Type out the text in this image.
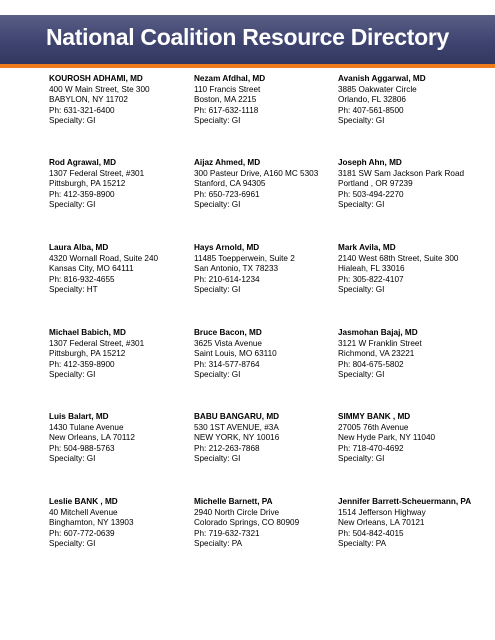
National Coalition Resource Directory
KOUROSH ADHAMI, MD
400 W Main Street, Ste 300
BABYLON, NY 11702
Ph: 631-321-6400
Specialty: GI
Nezam Afdhal, MD
110 Francis Street
Boston, MA 2215
Ph: 617-632-1118
Specialty: GI
Avanish Aggarwal, MD
3885 Oakwater Circle
Orlando, FL 32806
Ph: 407-561-8500
Specialty: GI
Rod Agrawal, MD
1307 Federal Street, #301
Pittsburgh, PA 15212
Ph: 412-359-8900
Specialty: GI
Aijaz Ahmed, MD
300 Pasteur Drive, A160 MC 5303
Stanford, CA 94305
Ph: 650-723-6961
Specialty: GI
Joseph Ahn, MD
3181 SW Sam Jackson Park Road
Portland , OR 97239
Ph: 503-494-2270
Specialty: GI
Laura Alba, MD
4320 Wornall Road, Suite 240
Kansas City, MO 64111
Ph: 816-932-4655
Specialty: HT
Hays Arnold, MD
11485 Toepperwein, Suite 2
San Antonio, TX 78233
Ph: 210-614-1234
Specialty: GI
Mark Avila, MD
2140 West 68th Street, Suite 300
Hialeah, FL 33016
Ph: 305-822-4107
Specialty: GI
Michael Babich, MD
1307 Federal Street, #301
Pittsburgh, PA 15212
Ph: 412-359-8900
Specialty: GI
Bruce Bacon, MD
3625 Vista Avenue
Saint Louis, MO 63110
Ph: 314-577-8764
Specialty: GI
Jasmohan Bajaj, MD
3121 W Franklin Street
Richmond, VA 23221
Ph: 804-675-5802
Specialty: GI
Luis Balart, MD
1430 Tulane Avenue
New Orleans, LA 70112
Ph: 504-988-5763
Specialty: GI
BABU BANGARU, MD
530 1ST AVENUE, #3A
NEW YORK, NY 10016
Ph: 212-263-7868
Specialty: GI
SIMMY BANK , MD
27005 76th Avenue
New Hyde Park, NY 11040
Ph: 718-470-4692
Specialty: GI
Leslie BANK , MD
40 Mitchell Avenue
Binghamton, NY 13903
Ph: 607-772-0639
Specialty: GI
Michelle Barnett, PA
2940 North Circle Drive
Colorado Springs, CO 80909
Ph: 719-632-7321
Specialty: PA
Jennifer Barrett-Scheuermann, PA
1514 Jefferson Highway
New Orleans, LA 70121
Ph: 504-842-4015
Specialty: PA
